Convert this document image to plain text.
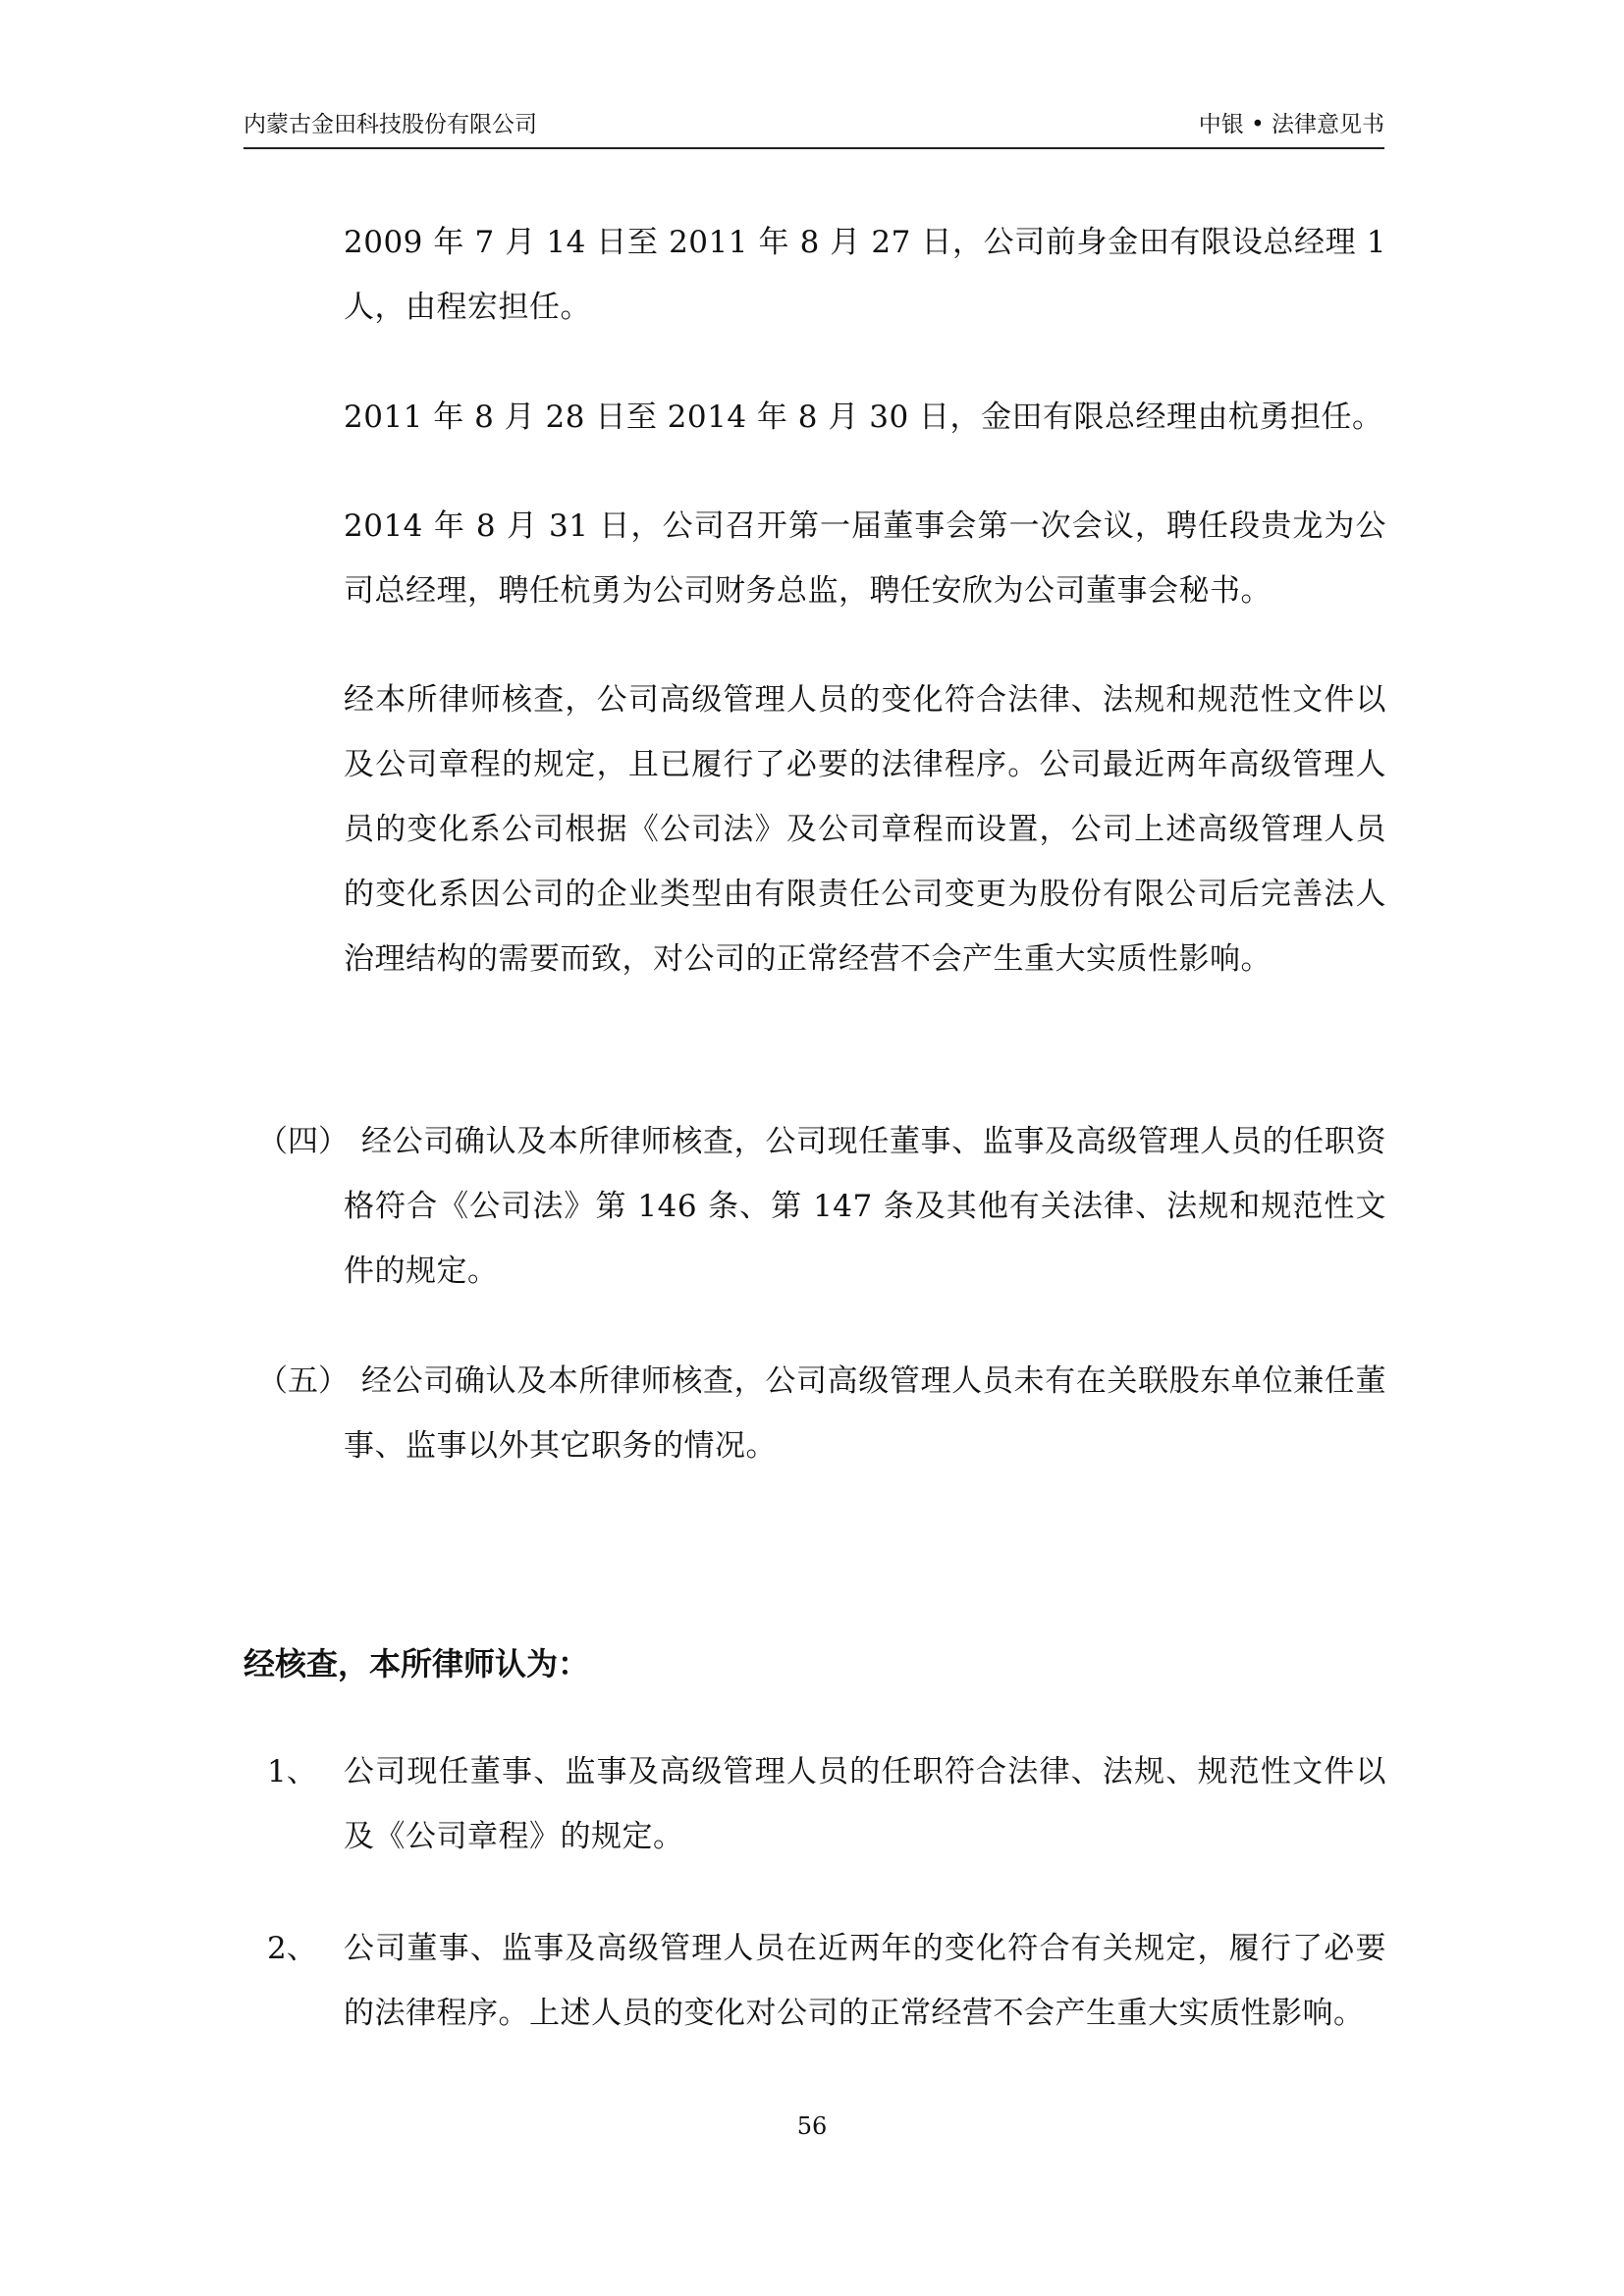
内蒙古金田科技股份有限公司	中银 • 法律意见书

2009 年 7 月 14 日至 2011 年 8 月 27 日，公司前身金田有限设总经理 1 人，由程宏担任。

2011 年 8 月 28 日至 2014 年 8 月 30 日，金田有限总经理由杭勇担任。

2014 年 8 月 31 日，公司召开第一届董事会第一次会议，聘任段贵龙为公司总经理，聘任杭勇为公司财务总监，聘任安欣为公司董事会秘书。

经本所律师核查，公司高级管理人员的变化符合法律、法规和规范性文件以及公司章程的规定，且已履行了必要的法律程序。公司最近两年高级管理人员的变化系公司根据《公司法》及公司章程而设置，公司上述高级管理人员的变化系因公司的企业类型由有限责任公司变更为股份有限公司后完善法人治理结构的需要而致，对公司的正常经营不会产生重大实质性影响。

（四） 经公司确认及本所律师核查，公司现任董事、监事及高级管理人员的任职资格符合《公司法》第 146 条、第 147 条及其他有关法律、法规和规范性文件的规定。

（五） 经公司确认及本所律师核查，公司高级管理人员未有在关联股东单位兼任董事、监事以外其它职务的情况。

经核查，本所律师认为：
1、 公司现任董事、监事及高级管理人员的任职符合法律、法规、规范性文件以及《公司章程》的规定。

2、 公司董事、监事及高级管理人员在近两年的变化符合有关规定，履行了必要的法律程序。上述人员的变化对公司的正常经营不会产生重大实质性影响。

56
